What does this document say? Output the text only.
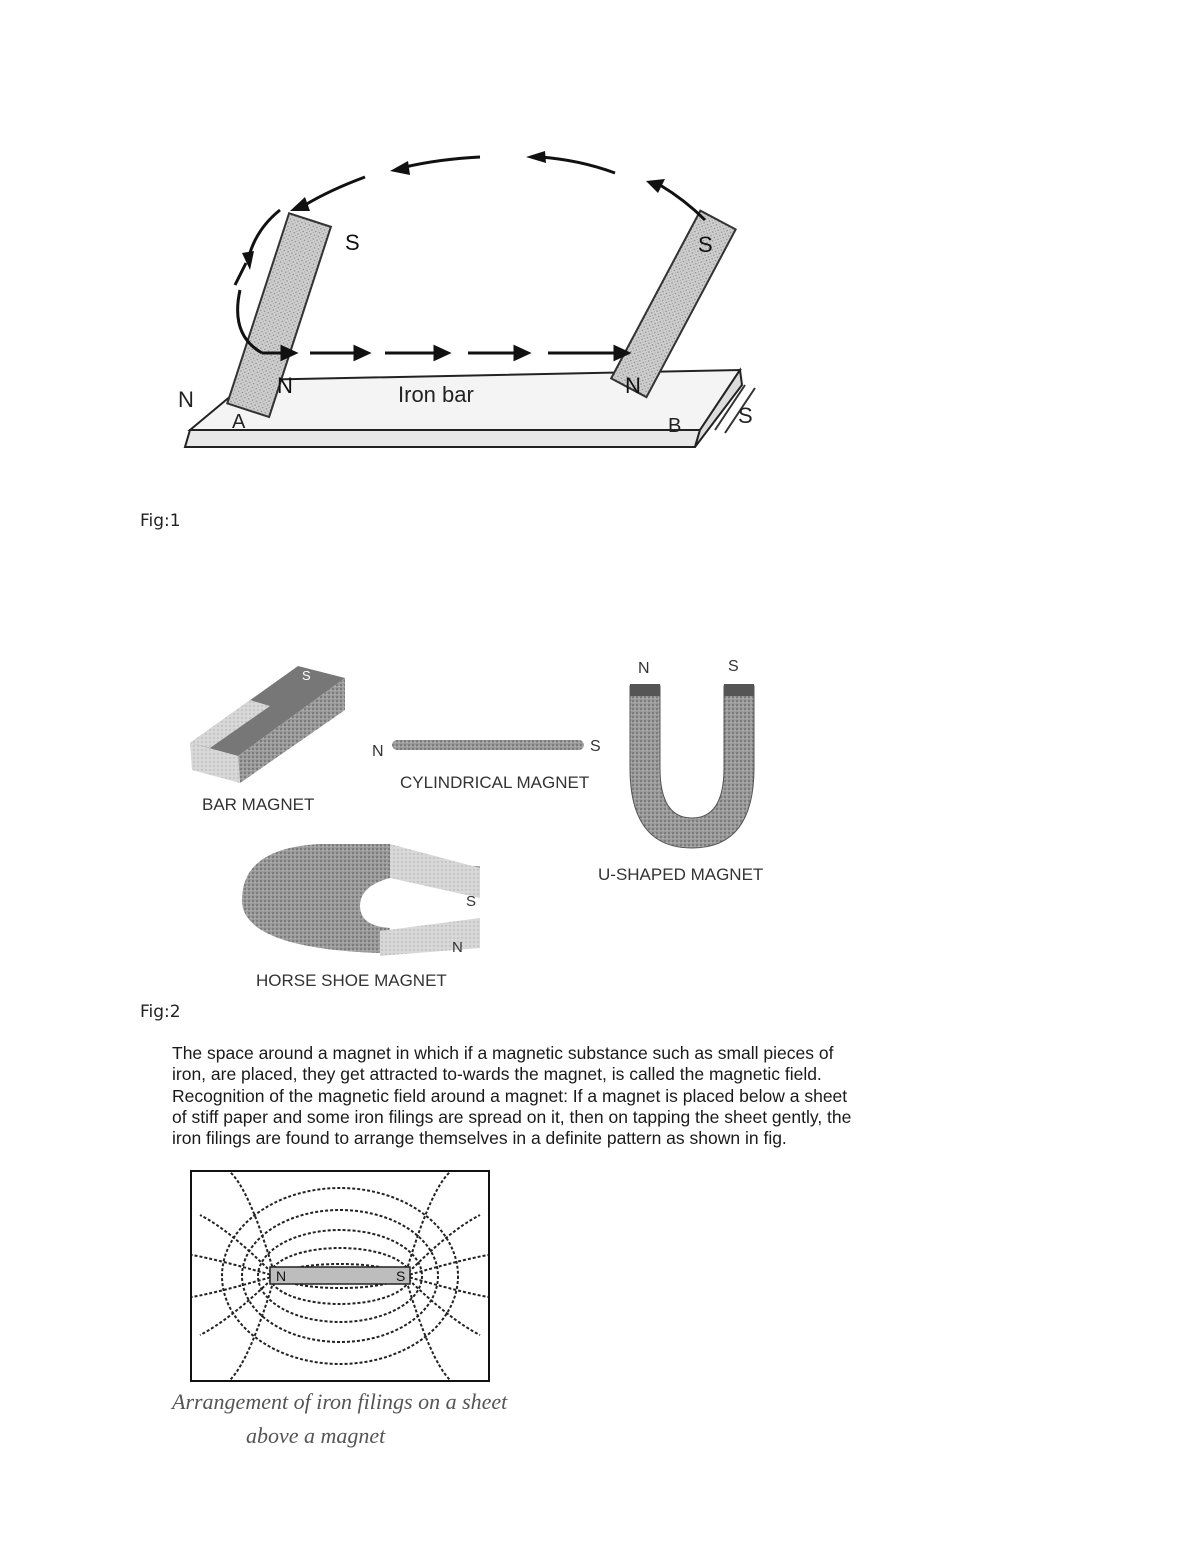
N
A
Iron bar
B	S
S
N
S
N
Fig:1
S
BAR MAGNET
N	S
CYLINDRICAL MAGNET
N	S
U-SHAPED MAGNET
S
N
HORSE SHOE MAGNET
Fig:2
The space around a magnet in which if a magnetic substance such as small pieces of
iron, are placed, they get attracted to-wards the magnet, is called the magnetic field.
Recognition of the magnetic field around a magnet: If a magnet is placed below a sheet
of stiff paper and some iron filings are spread on it, then on tapping the sheet gently, the
iron filings are found to arrange themselves in a definite pattern as shown in fig.
N	S
Arrangement of iron filings on a sheet
above a magnet
